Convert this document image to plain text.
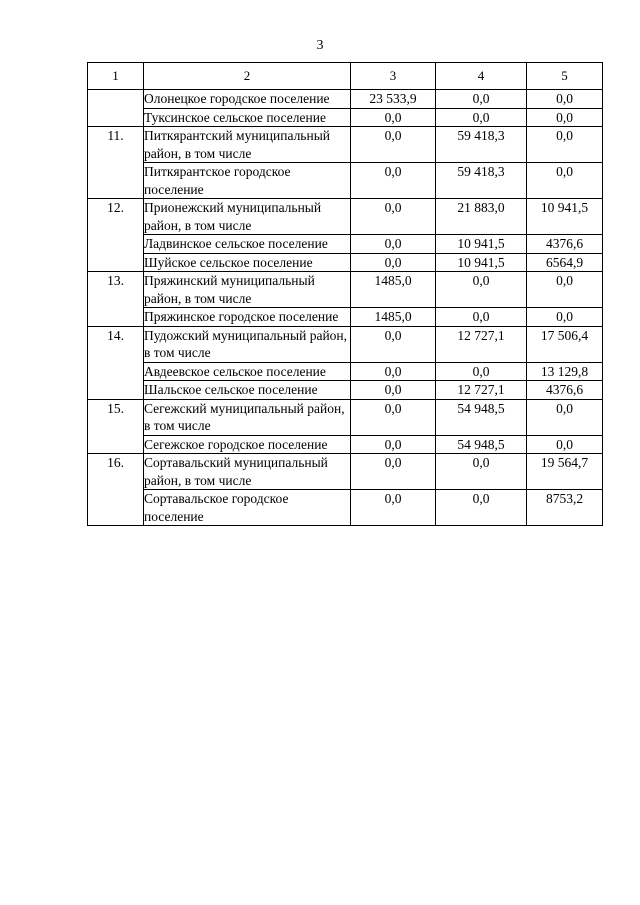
3
1	2	3	4	5
	Олонецкое городское поселение	23 533,9	0,0	0,0
	Туксинское сельское поселение	0,0	0,0	0,0
11.	Питкярантский муниципальный район, в том числе	0,0	59 418,3	0,0
	Питкярантское городское поселение	0,0	59 418,3	0,0
12.	Прионежский муниципальный район, в том числе	0,0	21 883,0	10 941,5
	Ладвинское сельское поселение	0,0	10 941,5	4376,6
	Шуйское сельское поселение	0,0	10 941,5	6564,9
13.	Пряжинский муниципальный район, в том числе	1485,0	0,0	0,0
	Пряжинское городское поселение	1485,0	0,0	0,0
14.	Пудожский муниципальный район, в том числе	0,0	12 727,1	17 506,4
	Авдеевское сельское поселение	0,0	0,0	13 129,8
	Шальское сельское поселение	0,0	12 727,1	4376,6
15.	Сегежский муниципальный район, в том числе	0,0	54 948,5	0,0
	Сегежское городское поселение	0,0	54 948,5	0,0
16.	Сортавальский муниципальный район, в том числе	0,0	0,0	19 564,7
	Сортавальское городское поселение	0,0	0,0	8753,2
